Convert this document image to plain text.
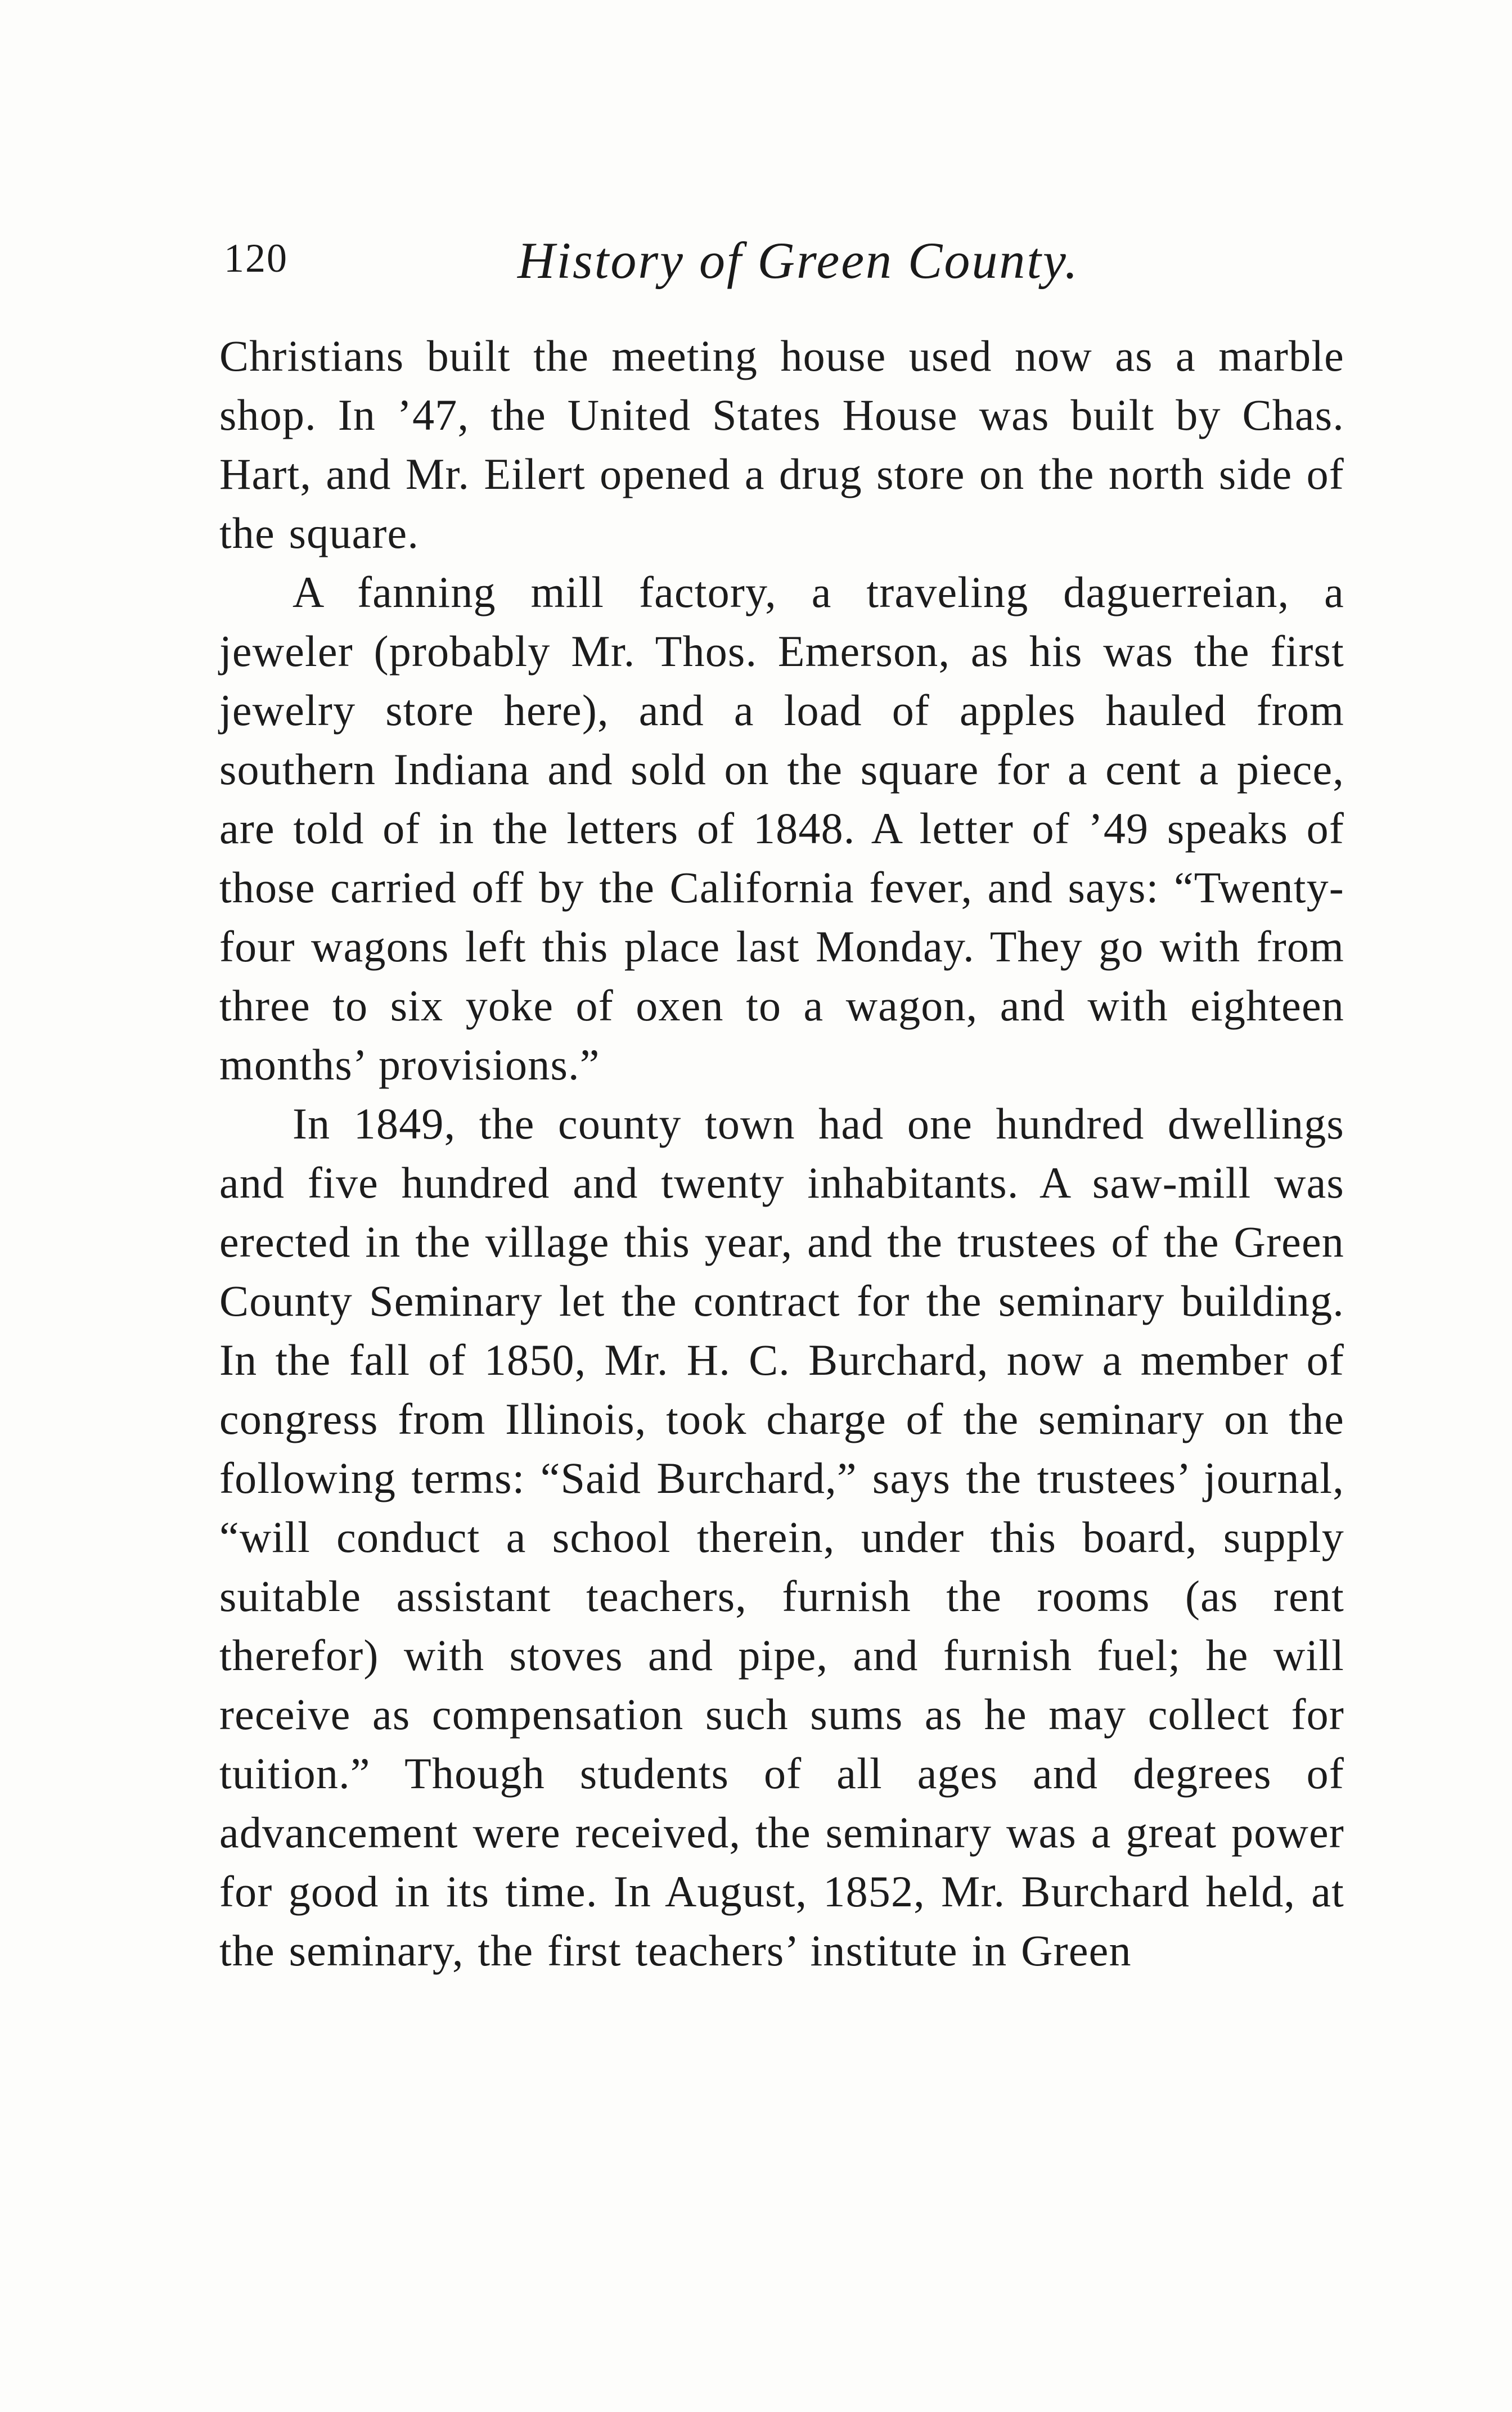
120	History of Green County.

Christians built the meeting house used now as a marble shop. In ’47, the United States House was built by Chas. Hart, and Mr. Eilert opened a drug store on the north side of the square.

A fanning mill factory, a traveling daguerreian, a jeweler (probably Mr. Thos. Emerson, as his was the first jewelry store here), and a load of apples hauled from southern Indiana and sold on the square for a cent a piece, are told of in the letters of 1848. A letter of ’49 speaks of those carried off by the California fever, and says: “Twenty-four wagons left this place last Monday. They go with from three to six yoke of oxen to a wagon, and with eighteen months’ provisions.”

In 1849, the county town had one hundred dwellings and five hundred and twenty inhabitants. A saw-mill was erected in the village this year, and the trustees of the Green County Seminary let the contract for the seminary building. In the fall of 1850, Mr. H. C. Burchard, now a member of congress from Illinois, took charge of the seminary on the following terms: “Said Burchard,” says the trustees’ journal, “will conduct a school therein, under this board, supply suitable assistant teachers, furnish the rooms (as rent therefor) with stoves and pipe, and furnish fuel; he will receive as compensation such sums as he may collect for tuition.” Though students of all ages and degrees of advancement were received, the seminary was a great power for good in its time. In August, 1852, Mr. Burchard held, at the seminary, the first teachers’ institute in Green
